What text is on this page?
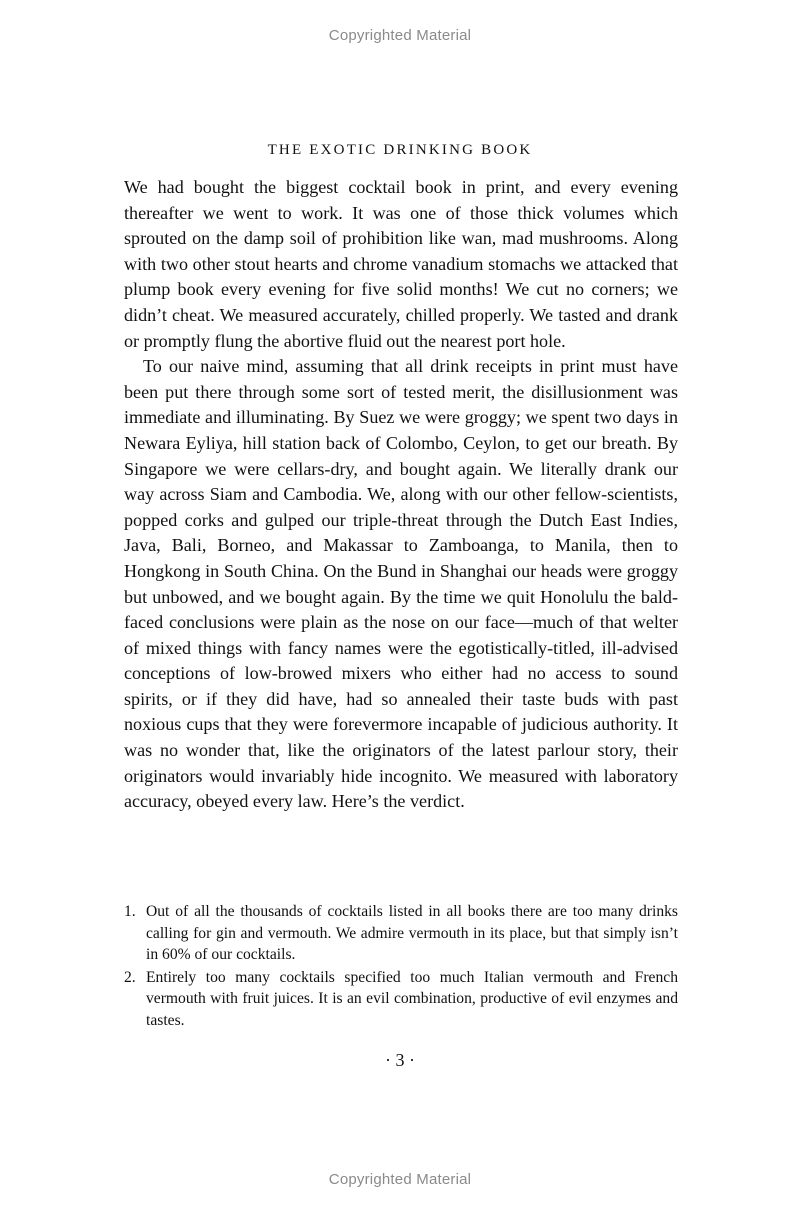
Copyrighted Material
THE EXOTIC DRINKING BOOK

We had bought the biggest cocktail book in print, and every evening thereafter we went to work. It was one of those thick volumes which sprouted on the damp soil of prohibition like wan, mad mushrooms. Along with two other stout hearts and chrome vanadium stomachs we attacked that plump book every evening for five solid months! We cut no corners; we didn’t cheat. We measured accurately, chilled properly. We tasted and drank or promptly flung the abortive fluid out the nearest port hole.

To our naive mind, assuming that all drink receipts in print must have been put there through some sort of tested merit, the disillusionment was immediate and illuminating. By Suez we were groggy; we spent two days in Newara Eyliya, hill station back of Colombo, Ceylon, to get our breath. By Singapore we were cellars-dry, and bought again. We literally drank our way across Siam and Cambodia. We, along with our other fellow-scientists, popped corks and gulped our triple-threat through the Dutch East Indies, Java, Bali, Borneo, and Makassar to Zamboanga, to Manila, then to Hongkong in South China. On the Bund in Shanghai our heads were groggy but unbowed, and we bought again. By the time we quit Honolulu the bald-faced conclusions were plain as the nose on our face—much of that welter of mixed things with fancy names were the egotistically-titled, ill-advised conceptions of low-browed mixers who either had no access to sound spirits, or if they did have, had so annealed their taste buds with past noxious cups that they were forevermore incapable of judicious authority. It was no wonder that, like the originators of the latest parlour story, their originators would invariably hide incognito. We measured with laboratory accuracy, obeyed every law. Here’s the verdict.

1. Out of all the thousands of cocktails listed in all books there are too many drinks calling for gin and vermouth. We admire vermouth in its place, but that simply isn’t in 60% of our cocktails.
2. Entirely too many cocktails specified too much Italian vermouth and French vermouth with fruit juices. It is an evil combination, productive of evil enzymes and tastes.
· 3 ·
Copyrighted Material
